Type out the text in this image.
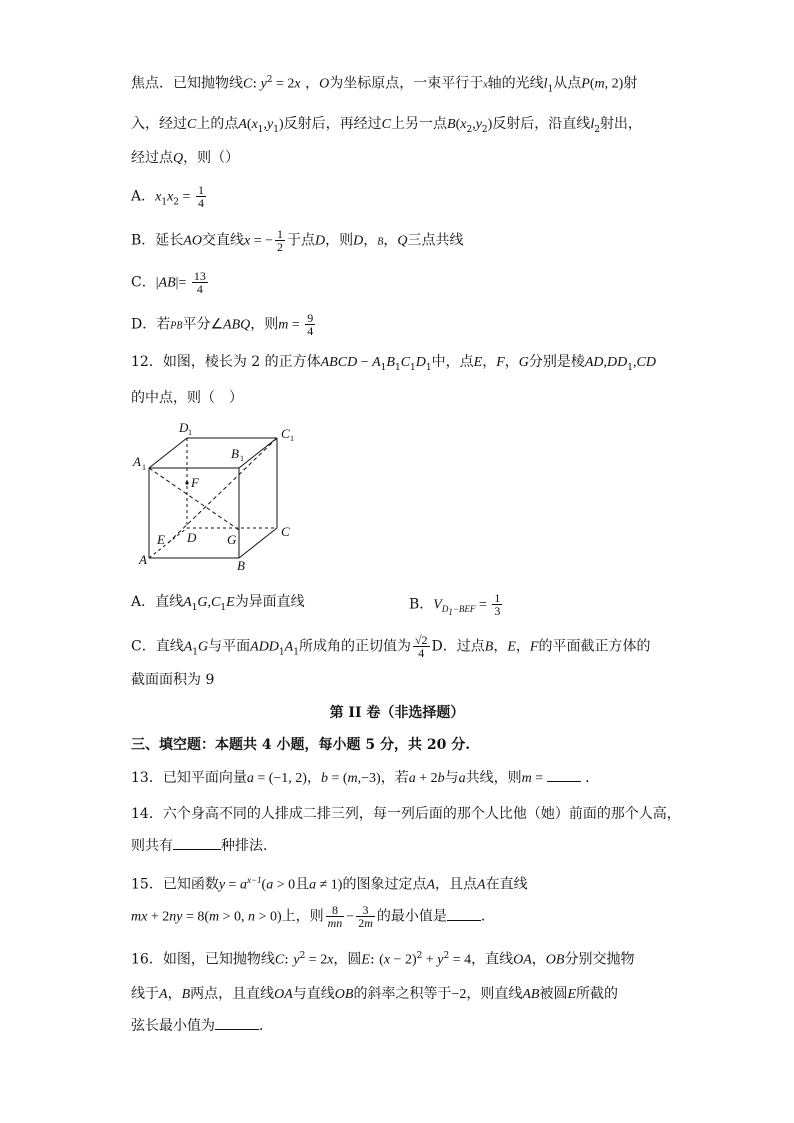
焦点．已知抛物线C: $y^2 = 2x$ ，O为坐标原点，一束平行于x轴的光线$l_1$从点P(m, 2)射
入，经过C上的点$A(x_1,y_1)$反射后，再经过C上另一点$B(x_2,y_2)$反射后，沿直线$l_2$射出，
经过点Q，则（）
A．$x_1x_2 = \frac{1}{4}$
B．延长AO交直线x = − $\frac{1}{2}$ 于点D，则D，B，Q三点共线
C．$|AB|= \frac{13}{4}$
D．若PB平分∠ABQ，则$m = \frac{9}{4}$
12．如图，棱长为 2 的正方体ABCD − $A_1B_1C_1D_1$中，点E，F，G分别是棱$AD,DD_1,CD$
的中点，则（　）
D 1	C 1
A 1
B 1
F
E D G
C
A	B
A．直线$A_1G,C_1E$为异面直线	B．$V_{D_1-BEF} = \frac{1}{3}$
C．直线$A_1G$与平面$ADD_1A_1$所成角的正切值为 $\frac{√2}{4}$ D．过点B，E，F的平面截正方体的
截面面积为 9
第 II 卷（非选择题）
三、填空题：本题共 4 小题，每小题 5 分，共 20 分.
13．已知平面向量a = (−1, 2)，b = (m,−3)，若a + 2b与a共线，则m =	．
14．六个身高不同的人排成二排三列，每一列后面的那个人比他（她）前面的那个人高，
则共有	种排法．
15．已知函数$y = a^{x-1}(a > 0$且a ≠ 1)的图象过定点A，且点A在直线
mx + 2ny = 8(m > 0, n > 0)上，则 $\frac{8}{mn} - \frac{3}{2m}$ 的最小值是 .
16．如图，已知抛物线C: $y^2 = 2x$，圆E: $(x - 2)^2 + y^2 = 4$，直线OA，OB分别交抛物
线于A，B两点，且直线OA与直线OB的斜率之积等于−2，则直线AB被圆E所截的
弦长最小值为	．
